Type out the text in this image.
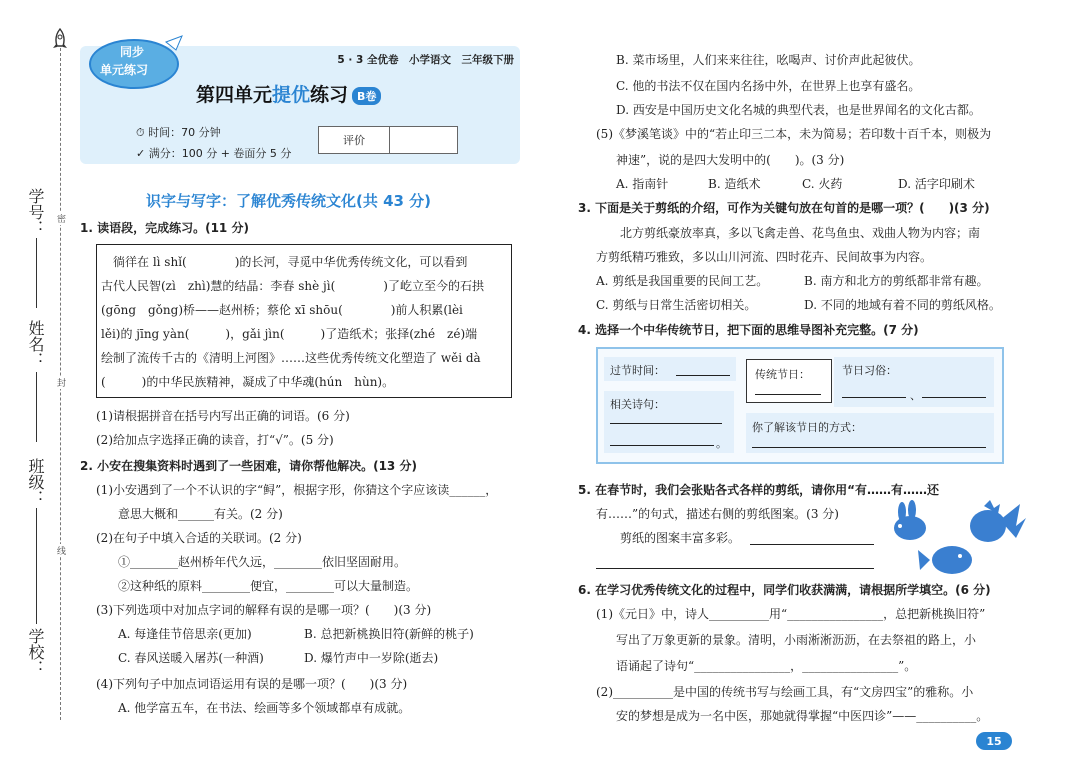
密
封
线
学号：
姓名：
班级：
学校：
5 · 3 全优卷　小学语文　三年级下册
同步
单元练习
第四单元提优练习 B卷
⏱ 时间：70 分钟
✓ 满分：100 分 + 卷面分 5 分
评价
识字与写字：了解优秀传统文化(共 43 分)
1. 读语段，完成练习。(11 分)
　徜徉在 lì shǐ(　　　　)的长河，寻觅中华优秀传统文化，可以看到
古代人民智(zì　zhì)慧的结晶：李春 shè jì(　　　　)了屹立至今的石拱
(gōng　gǒng)桥——赵州桥；蔡伦 xī shōu(　　　　)前人积累(lèi
lěi)的 jīng yàn(　　　)，gǎi jìn(　　　)了造纸术；张择(zhé　zé)端
绘制了流传千古的《清明上河图》……这些优秀传统文化塑造了 wěi dà
(　　　)的中华民族精神，凝成了中华魂(hún　hùn)。
(1)请根据拼音在括号内写出正确的词语。(6 分)
(2)给加点字选择正确的读音，打“√”。(5 分)
2. 小安在搜集资料时遇到了一些困难，请你帮他解决。(13 分)
(1)小安遇到了一个不认识的字“鲟”，根据字形，你猜这个字应该读______，
意思大概和______有关。(2 分)
(2)在句子中填入合适的关联词。(2 分)
①________赵州桥年代久远，________依旧坚固耐用。
②这种纸的原料________便宜，________可以大量制造。
(3)下列选项中对加点字词的解释有误的是哪一项？(　　)(3 分)
A. 每逢佳节倍思亲(更加)	B. 总把新桃换旧符(新鲜的桃子)
C. 春风送暖入屠苏(一种酒)	D. 爆竹声中一岁除(逝去)
(4)下列句子中加点词语运用有误的是哪一项？(　　)(3 分)
A. 他学富五车，在书法、绘画等多个领域都卓有成就。
B. 菜市场里，人们来来往往，吆喝声、讨价声此起彼伏。
C. 他的书法不仅在国内名扬中外，在世界上也享有盛名。
D. 西安是中国历史文化名城的典型代表，也是世界闻名的文化古都。
(5)《梦溪笔谈》中的“若止印三二本，未为简易；若印数十百千本，则极为
神速”，说的是四大发明中的(　　)。(3 分)
A. 指南针	B. 造纸术	C. 火药	D. 活字印刷术
3. 下面是关于剪纸的介绍，可作为关键句放在句首的是哪一项？(　　)(3 分)
北方剪纸豪放率真，多以飞禽走兽、花鸟鱼虫、戏曲人物为内容；南
方剪纸精巧雅致，多以山川河流、四时花卉、民间故事为内容。
A. 剪纸是我国重要的民间工艺。	B. 南方和北方的剪纸都非常有趣。
C. 剪纸与日常生活密切相关。	D. 不同的地域有着不同的剪纸风格。
4. 选择一个中华传统节日，把下面的思维导图补充完整。(7 分)
过节时间：	传统节日：	节日习俗：
、
相关诗句：
。
你了解该节日的方式：
5. 在春节时，我们会张贴各式各样的剪纸，请你用“有……有……还
有……”的句式，描述右侧的剪纸图案。(3 分)
剪纸的图案丰富多彩。
6. 在学习优秀传统文化的过程中，同学们收获满满，请根据所学填空。(6 分)
(1)《元日》中，诗人__________用“________________，总把新桃换旧符”
写出了万象更新的景象。清明，小雨淅淅沥沥，在去祭祖的路上，小
语诵起了诗句“________________，________________”。
(2)__________是中国的传统书写与绘画工具，有“文房四宝”的雅称。小
安的梦想是成为一名中医，那她就得掌握“中医四诊”——__________。
15
